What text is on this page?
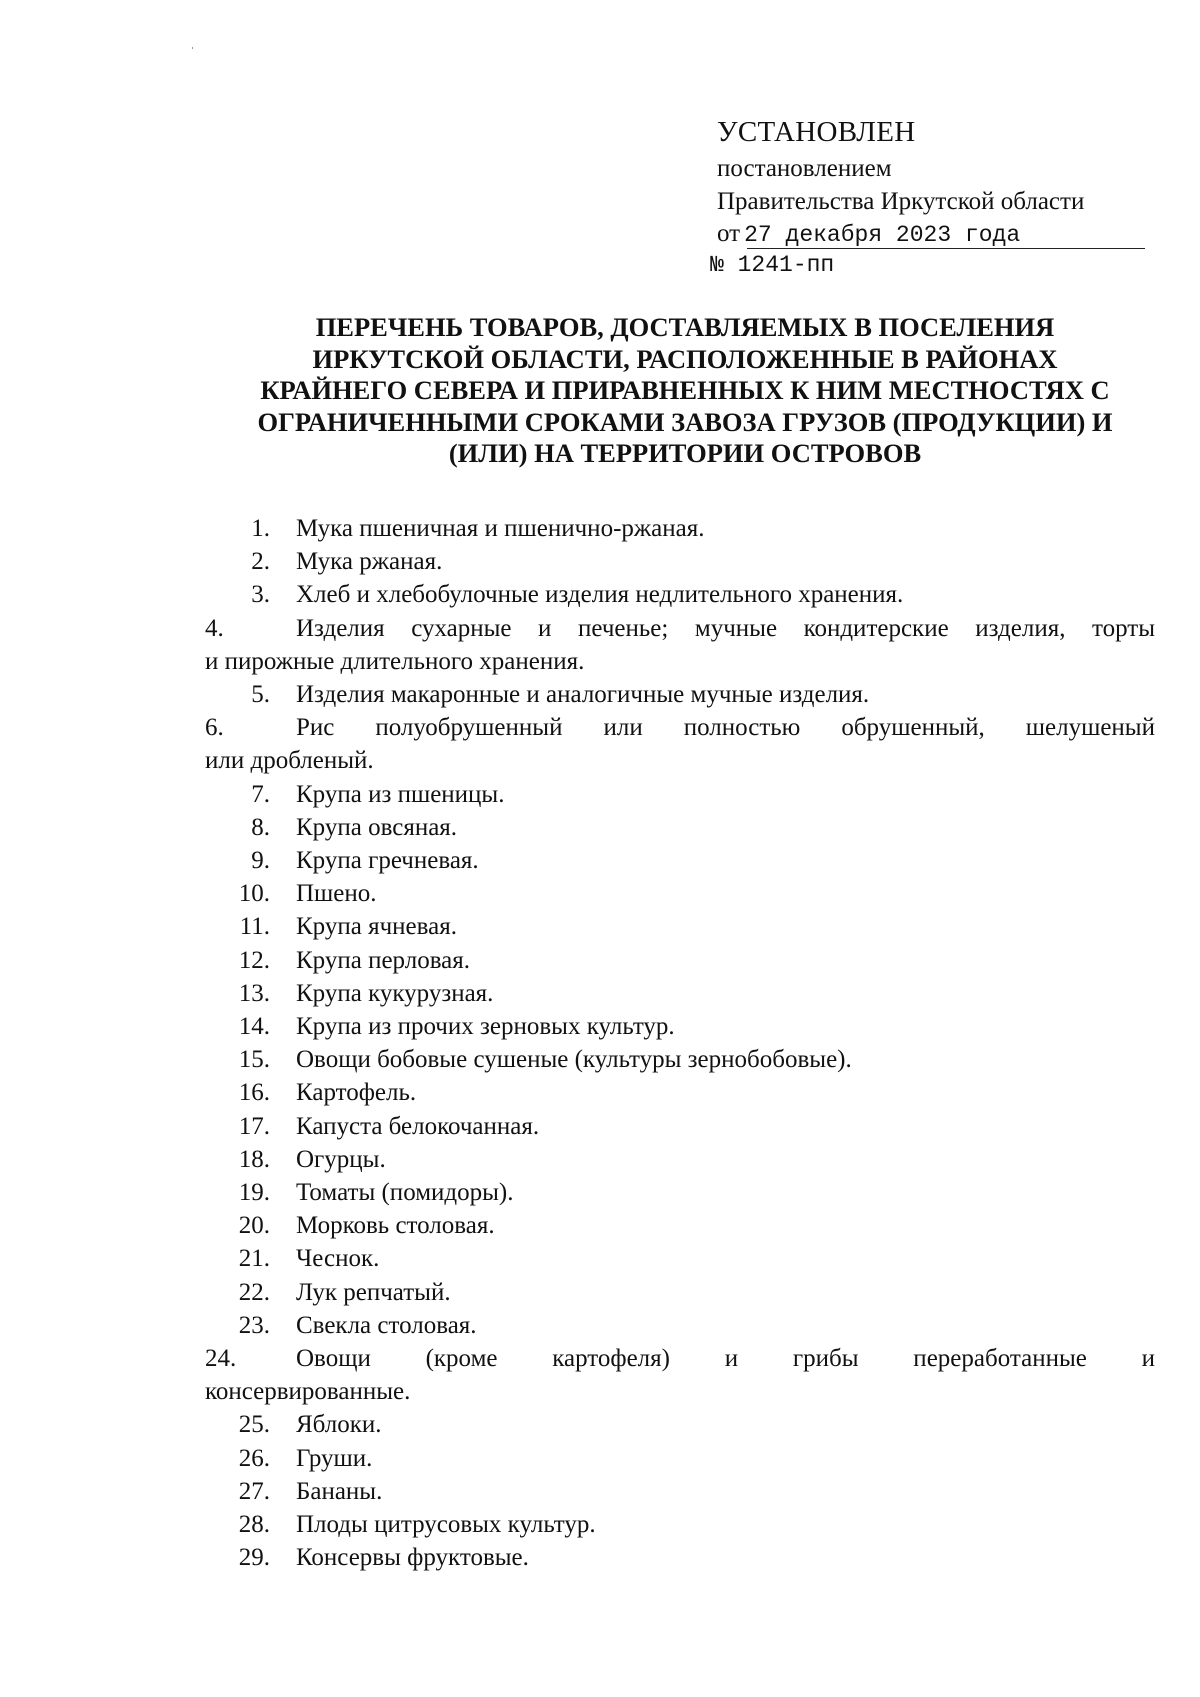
УСТАНОВЛЕН
постановлением
Правительства Иркутской области
от 27 декабря 2023 года
№ 1241-пп
ПЕРЕЧЕНЬ ТОВАРОВ, ДОСТАВЛЯЕМЫХ В ПОСЕЛЕНИЯ
ИРКУТСКОЙ ОБЛАСТИ, РАСПОЛОЖЕННЫЕ В РАЙОНАХ
КРАЙНЕГО СЕВЕРА И ПРИРАВНЕННЫХ К НИМ МЕСТНОСТЯХ С
ОГРАНИЧЕННЫМИ СРОКАМИ ЗАВОЗА ГРУЗОВ (ПРОДУКЦИИ) И
(ИЛИ) НА ТЕРРИТОРИИ ОСТРОВОВ
1. Мука пшеничная и пшенично-ржаная.
2. Мука ржаная.
3. Хлеб и хлебобулочные изделия недлительного хранения.
4.	Изделия сухарные и печенье; мучные кондитерские изделия, торты
и пирожные длительного хранения.
5. Изделия макаронные и аналогичные мучные изделия.
6.	Рис полуобрушенный или полностью обрушенный, шелушеный
или дробленый.
7. Крупа из пшеницы.
8. Крупа овсяная.
9. Крупа гречневая.
10. Пшено.
11. Крупа ячневая.
12. Крупа перловая.
13. Крупа кукурузная.
14. Крупа из прочих зерновых культур.
15. Овощи бобовые сушеные (культуры зернобобовые).
16. Картофель.
17. Капуста белокочанная.
18. Огурцы.
19. Томаты (помидоры).
20. Морковь столовая.
21. Чеснок.
22. Лук репчатый.
23. Свекла столовая.
24. Овощи (кроме картофеля) и грибы переработанные и
консервированные.
25. Яблоки.
26. Груши.
27. Бананы.
28. Плоды цитрусовых культур.
29. Консервы фруктовые.
